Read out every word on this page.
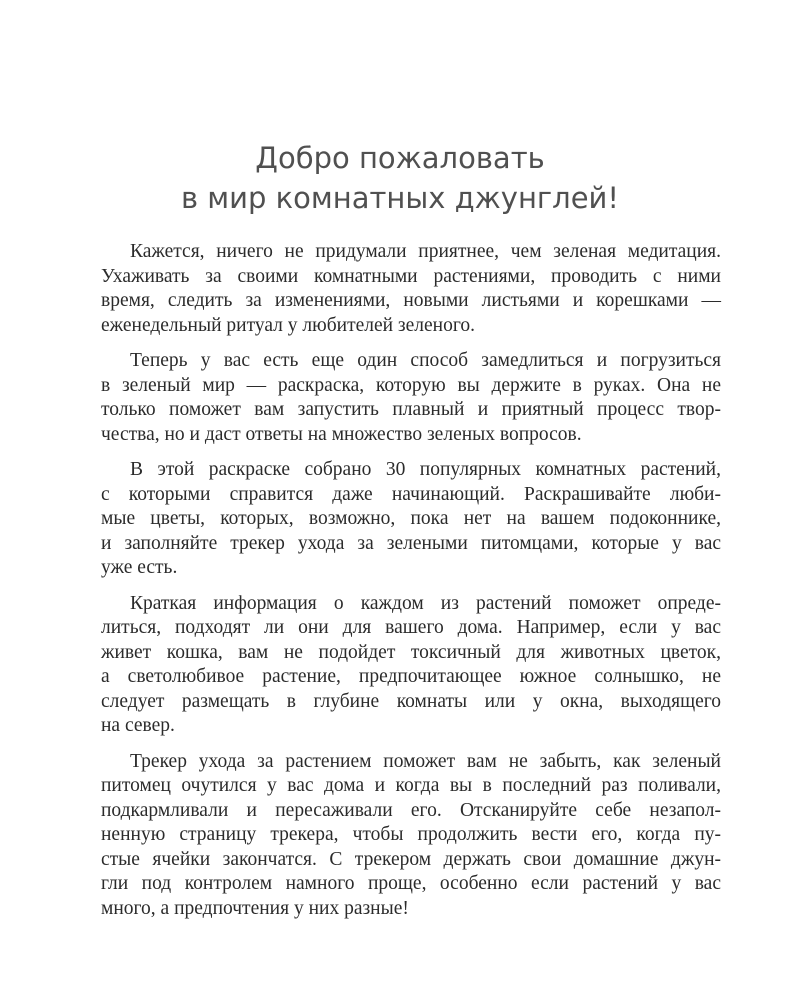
Добро пожаловать
в мир комнатных джунглей!
Кажется, ничего не придумали приятнее, чем зеленая медитация.
Ухаживать за своими комнатными растениями, проводить с ними
время, следить за изменениями, новыми листьями и корешками —
еженедельный ритуал у любителей зеленого.
Теперь у вас есть еще один способ замедлиться и погрузиться
в зеленый мир — раскраска, которую вы держите в руках. Она не
только поможет вам запустить плавный и приятный процесс твор-
чества, но и даст ответы на множество зеленых вопросов.
В этой раскраске собрано 30 популярных комнатных растений,
с которыми справится даже начинающий. Раскрашивайте люби-
мые цветы, которых, возможно, пока нет на вашем подоконнике,
и заполняйте трекер ухода за зелеными питомцами, которые у вас
уже есть.
Краткая информация о каждом из растений поможет опреде-
литься, подходят ли они для вашего дома. Например, если у вас
живет кошка, вам не подойдет токсичный для животных цветок,
а светолюбивое растение, предпочитающее южное солнышко, не
следует размещать в глубине комнаты или у окна, выходящего
на север.
Трекер ухода за растением поможет вам не забыть, как зеленый
питомец очутился у вас дома и когда вы в последний раз поливали,
подкармливали и пересаживали его. Отсканируйте себе незапол-
ненную страницу трекера, чтобы продолжить вести его, когда пу-
стые ячейки закончатся. С трекером держать свои домашние джун-
гли под контролем намного проще, особенно если растений у вас
много, а предпочтения у них разные!
